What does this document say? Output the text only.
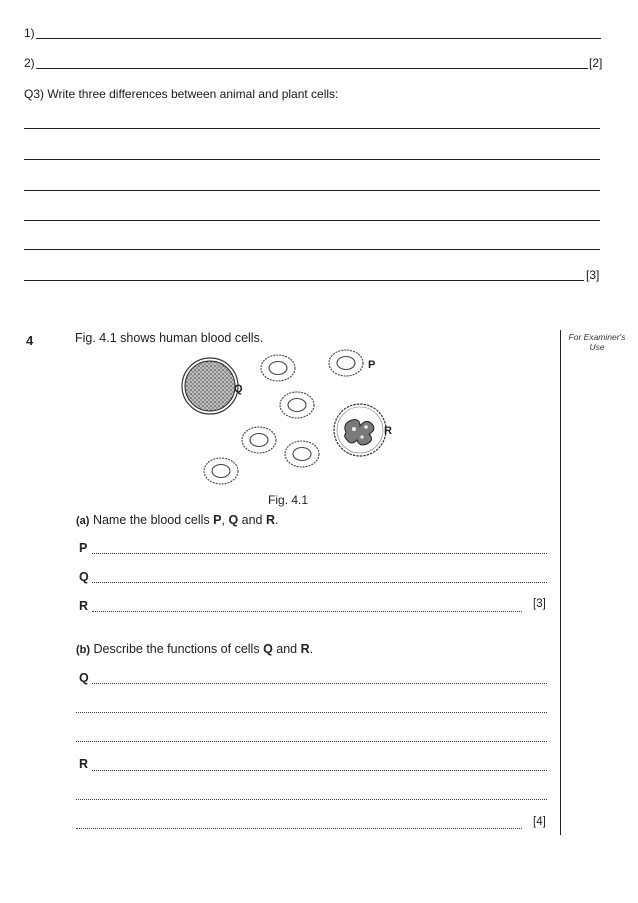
1)
2)	[2]
Q3) Write three differences between animal and plant cells:
[3]
4	Fig. 4.1 shows human blood cells.	For Examiner's Use
Q
P
R
Fig. 4.1
(a) Name the blood cells P, Q and R.
P
Q
R	[3]
(b) Describe the functions of cells Q and R.
Q
R
[4]
